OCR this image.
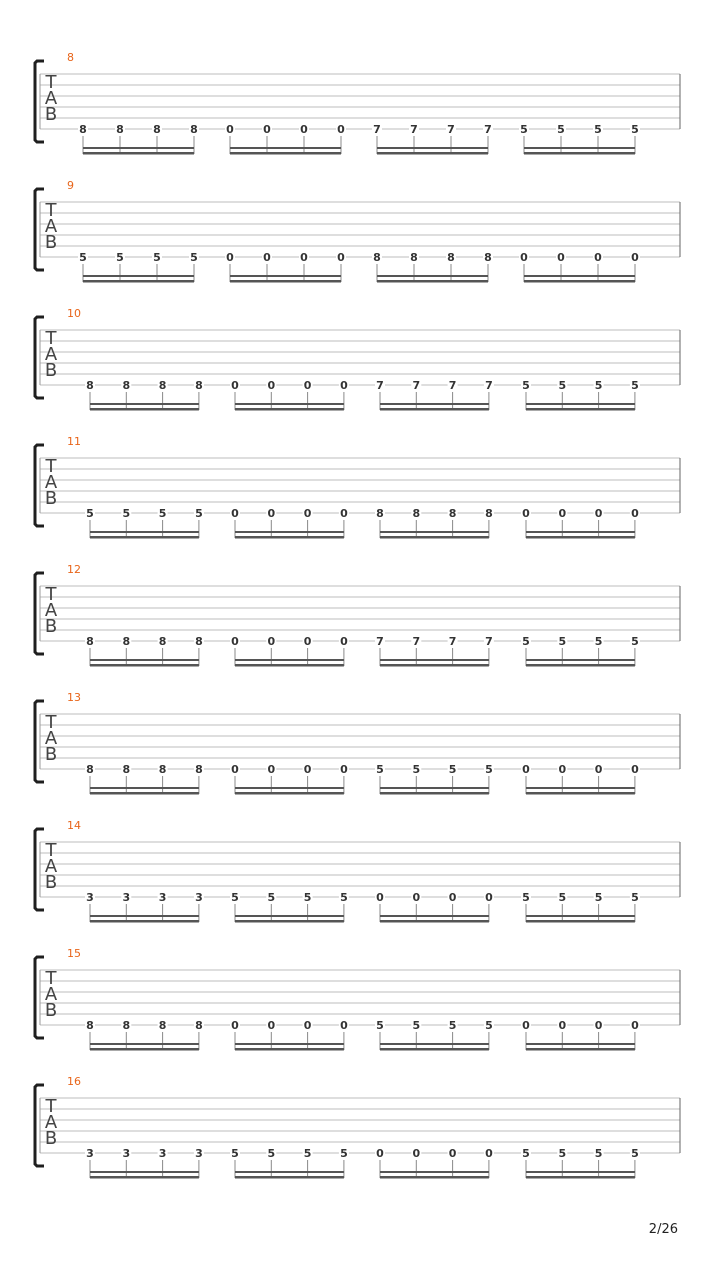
8
T
A
B
8	8	8	8	0	0	0	0	7	7	7	7	5	5	5	5
9
T
A
B
5	5	5	5	0	0	0	0	8	8	8	8	0	0	0	0
10
T
A
B
8	8	8	8	0	0	0	0	7	7	7	7	5	5	5	5
11
T
A
B
5	5	5	5	0	0	0	0	8	8	8	8	0	0	0	0
12
T
A
B
8	8	8	8	0	0	0	0	7	7	7	7	5	5	5	5
13
T
A
B
8	8	8	8	0	0	0	0	5	5	5	5	0	0	0	0
14
T
A
B
3	3	3	3	5	5	5	5	0	0	0	0	5	5	5	5
15
T
A
B
8	8	8	8	0	0	0	0	5	5	5	5	0	0	0	0
16
T
A
B
3	3	3	3	5	5	5	5	0	0	0	0	5	5	5	5
2/26
